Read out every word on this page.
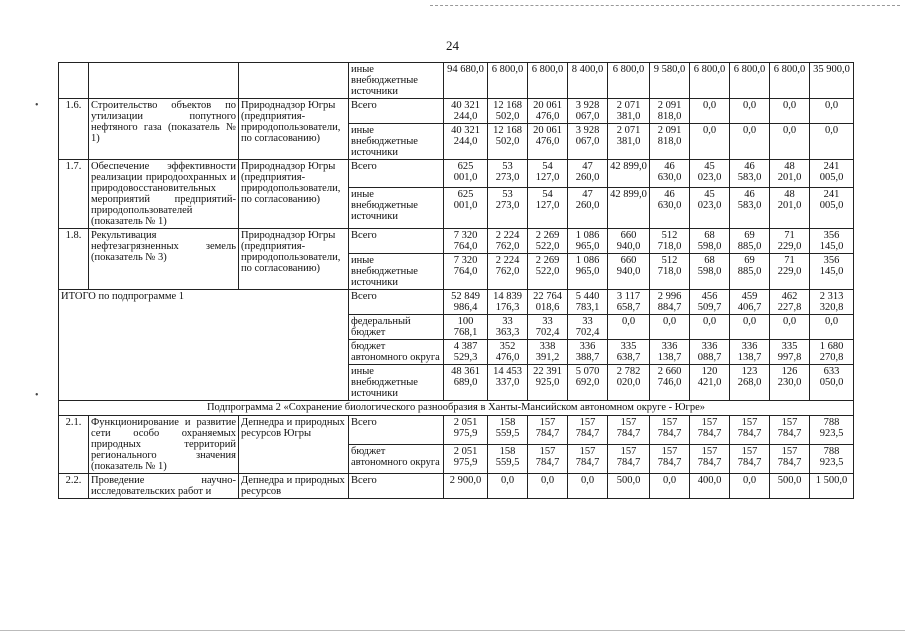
24
•
•
			иные внебюджетные источники	94 680,0	6 800,0	6 800,0	8 400,0	6 800,0	9 580,0	6 800,0	6 800,0	6 800,0	35 900,0
1.6.	Строительство объектов по утилизации попутного нефтяного газа (показатель № 1)	Природнадзор Югры (предприятия-природопользователи, по согласованию)	Всего	40 321 244,0	12 168 502,0	20 061 476,0	3 928 067,0	2 071 381,0	2 091 818,0	0,0	0,0	0,0	0,0
			иные внебюджетные источники	40 321 244,0	12 168 502,0	20 061 476,0	3 928 067,0	2 071 381,0	2 091 818,0	0,0	0,0	0,0	0,0
1.7.	Обеспечение эффективности реализации природоохранных и природовосстановительных мероприятий предприятий-природопользователей (показатель № 1)	Природнадзор Югры (предприятия-природопользователи, по согласованию)	Всего	625 001,0	53 273,0	54 127,0	47 260,0	42 899,0	46 630,0	45 023,0	46 583,0	48 201,0	241 005,0
			иные внебюджетные источники	625 001,0	53 273,0	54 127,0	47 260,0	42 899,0	46 630,0	45 023,0	46 583,0	48 201,0	241 005,0
1.8.	Рекультивация нефтезагрязненных земель (показатель № 3)	Природнадзор Югры (предприятия-природопользователи, по согласованию)	Всего	7 320 764,0	2 224 762,0	2 269 522,0	1 086 965,0	660 940,0	512 718,0	68 598,0	69 885,0	71 229,0	356 145,0
			иные внебюджетные источники	7 320 764,0	2 224 762,0	2 269 522,0	1 086 965,0	660 940,0	512 718,0	68 598,0	69 885,0	71 229,0	356 145,0
ИТОГО по подпрограмме 1			Всего	52 849 986,4	14 839 176,3	22 764 018,6	5 440 783,1	3 117 658,7	2 996 884,7	456 509,7	459 406,7	462 227,8	2 313 320,8
			федеральный бюджет	100 768,1	33 363,3	33 702,4	33 702,4	0,0	0,0	0,0	0,0	0,0	0,0
			бюджет автономного округа	4 387 529,3	352 476,0	338 391,2	336 388,7	335 638,7	336 138,7	336 088,7	336 138,7	335 997,8	1 680 270,8
			иные внебюджетные источники	48 361 689,0	14 453 337,0	22 391 925,0	5 070 692,0	2 782 020,0	2 660 746,0	120 421,0	123 268,0	126 230,0	633 050,0
Подпрограмма 2 «Сохранение биологического разнообразия в Ханты-Мансийском автономном округе - Югре»													
2.1.	Функционирование и развитие сети особо охраняемых природных территорий регионального значения (показатель № 1)	Депнедра и природных ресурсов Югры	Всего	2 051 975,9	158 559,5	157 784,7	157 784,7	157 784,7	157 784,7	157 784,7	157 784,7	157 784,7	788 923,5
			бюджет автономного округа	2 051 975,9	158 559,5	157 784,7	157 784,7	157 784,7	157 784,7	157 784,7	157 784,7	157 784,7	788 923,5
2.2.	Проведение научно-исследовательских работ и	Депнедра и природных ресурсов	Всего	2 900,0	0,0	0,0	0,0	500,0	0,0	400,0	0,0	500,0	1 500,0
